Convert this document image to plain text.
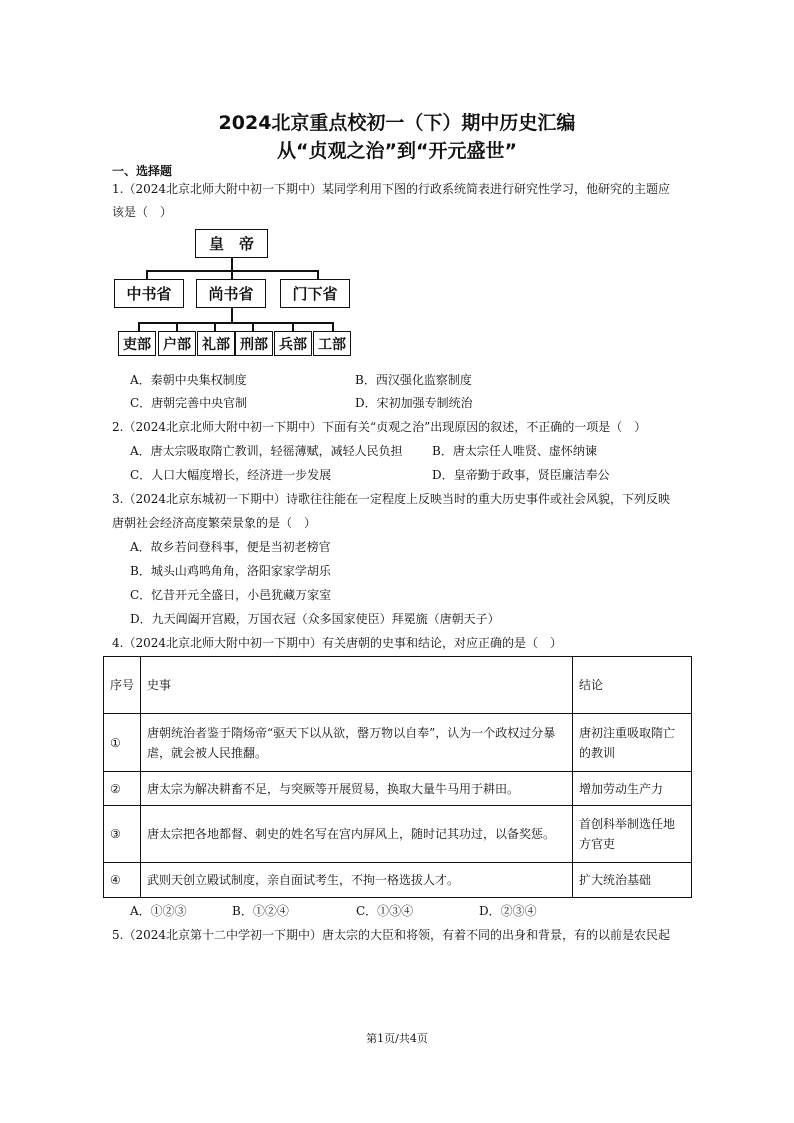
2024北京重点校初一（下）期中历史汇编
从“贞观之治”到“开元盛世”
一、选择题
1.（2024北京北师大附中初一下期中）某同学利用下图的行政系统简表进行研究性学习，他研究的主题应
该是（　）
皇　帝
中书省	尚书省	门下省
吏部 户部 礼部 刑部 兵部 工部
A．秦朝中央集权制度	B．西汉强化监察制度
C．唐朝完善中央官制	D．宋初加强专制统治
2.（2024北京北师大附中初一下期中）下面有关“贞观之治”出现原因的叙述，不正确的一项是（　）
A．唐太宗吸取隋亡教训，轻徭薄赋，减轻人民负担 B．唐太宗任人唯贤、虚怀纳谏
C．人口大幅度增长，经济进一步发展	D．皇帝勤于政事，贤臣廉洁奉公
3.（2024北京东城初一下期中）诗歌往往能在一定程度上反映当时的重大历史事件或社会风貌，下列反映
唐朝社会经济高度繁荣景象的是（　）
A．故乡若问登科事，便是当初老榜官
B．城头山鸡鸣角角，洛阳家家学胡乐
C．忆昔开元全盛日，小邑犹藏万家室
D．九天阊阖开宫殿，万国衣冠（众多国家使臣）拜冕旒（唐朝天子）
4.（2024北京北师大附中初一下期中）有关唐朝的史事和结论，对应正确的是（　）
序号	史事	结论
①	唐朝统治者鉴于隋炀帝“驱天下以从欲，罄万物以自奉”，认为一个政权过分暴虐，就会被人民推翻。	唐初注重吸取隋亡的教训
②	唐太宗为解决耕畜不足，与突厥等开展贸易，换取大量牛马用于耕田。	增加劳动生产力
③	唐太宗把各地都督、刺史的姓名写在宫内屏风上，随时记其功过，以备奖惩。	首创科举制选任地方官吏
④	武则天创立殿试制度，亲自面试考生，不拘一格选拔人才。	扩大统治基础
A．①②③	B．①②④	C．①③④	D．②③④
5.（2024北京第十二中学初一下期中）唐太宗的大臣和将领，有着不同的出身和背景，有的以前是农民起
第1页/共4页
